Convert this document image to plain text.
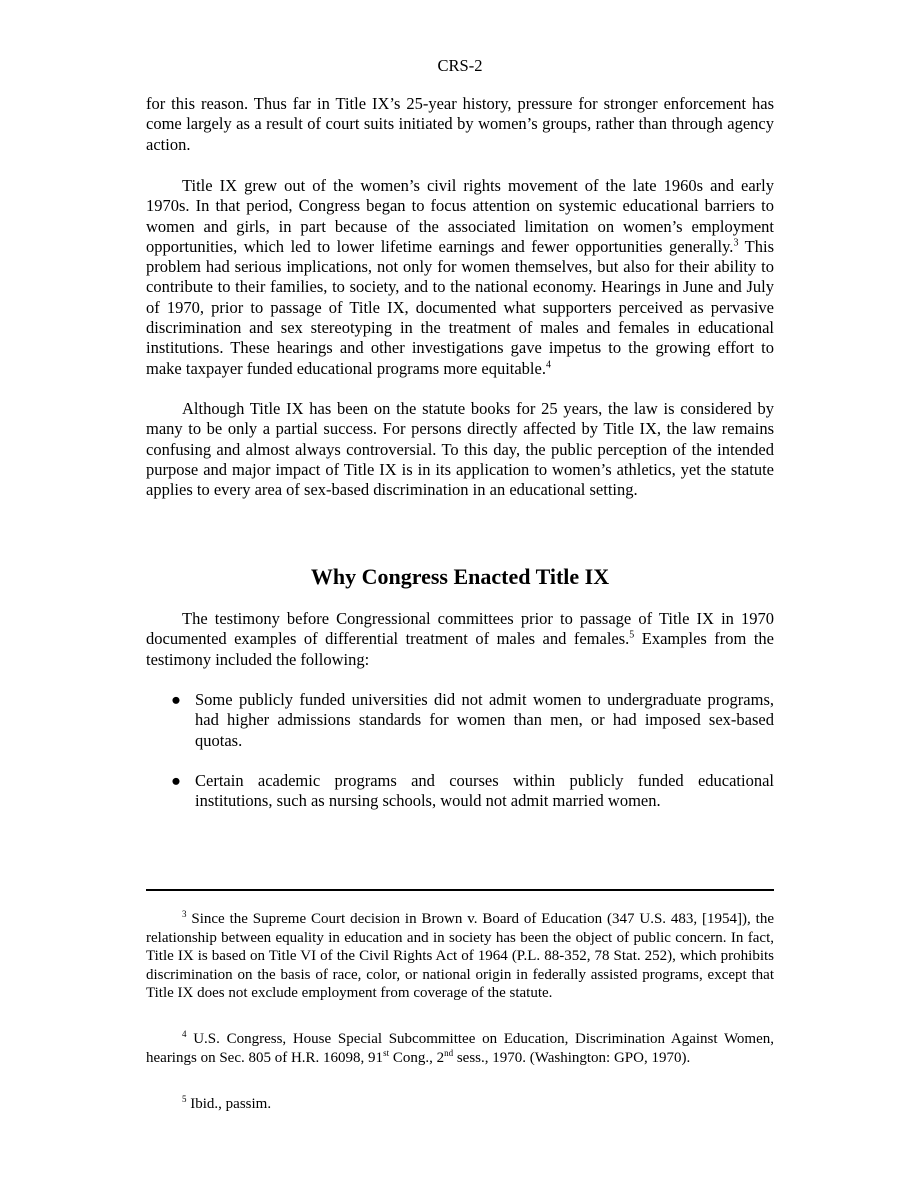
CRS-2

for this reason. Thus far in Title IX’s 25-year history, pressure for stronger enforcement has come largely as a result of court suits initiated by women’s groups, rather than through agency action.

Title IX grew out of the women’s civil rights movement of the late 1960s and early 1970s. In that period, Congress began to focus attention on systemic educational barriers to women and girls, in part because of the associated limitation on women’s employment opportunities, which led to lower lifetime earnings and fewer opportunities generally.$^3$ This problem had serious implications, not only for women themselves, but also for their ability to contribute to their families, to society, and to the national economy. Hearings in June and July of 1970, prior to passage of Title IX, documented what supporters perceived as pervasive discrimination and sex stereotyping in the treatment of males and females in educational institutions. These hearings and other investigations gave impetus to the growing effort to make taxpayer funded educational programs more equitable.$^4$

Although Title IX has been on the statute books for 25 years, the law is considered by many to be only a partial success. For persons directly affected by Title IX, the law remains confusing and almost always controversial. To this day, the public perception of the intended purpose and major impact of Title IX is in its application to women’s athletics, yet the statute applies to every area of sex-based discrimination in an educational setting.

Why Congress Enacted Title IX

The testimony before Congressional committees prior to passage of Title IX in 1970 documented examples of differential treatment of males and females.$^5$ Examples from the testimony included the following:

● Some publicly funded universities did not admit women to undergraduate programs, had higher admissions standards for women than men, or had imposed sex-based quotas.
● Certain academic programs and courses within publicly funded educational institutions, such as nursing schools, would not admit married women.

$^3$ Since the Supreme Court decision in Brown v. Board of Education (347 U.S. 483, [1954]), the relationship between equality in education and in society has been the object of public concern. In fact, Title IX is based on Title VI of the Civil Rights Act of 1964 (P.L. 88-352, 78 Stat. 252), which prohibits discrimination on the basis of race, color, or national origin in federally assisted programs, except that Title IX does not exclude employment from coverage of the statute.

$^4$ U.S. Congress, House Special Subcommittee on Education, Discrimination Against Women, hearings on Sec. 805 of H.R. 16098, 91st Cong., 2nd sess., 1970. (Washington: GPO, 1970).

$^5$ Ibid., passim.
